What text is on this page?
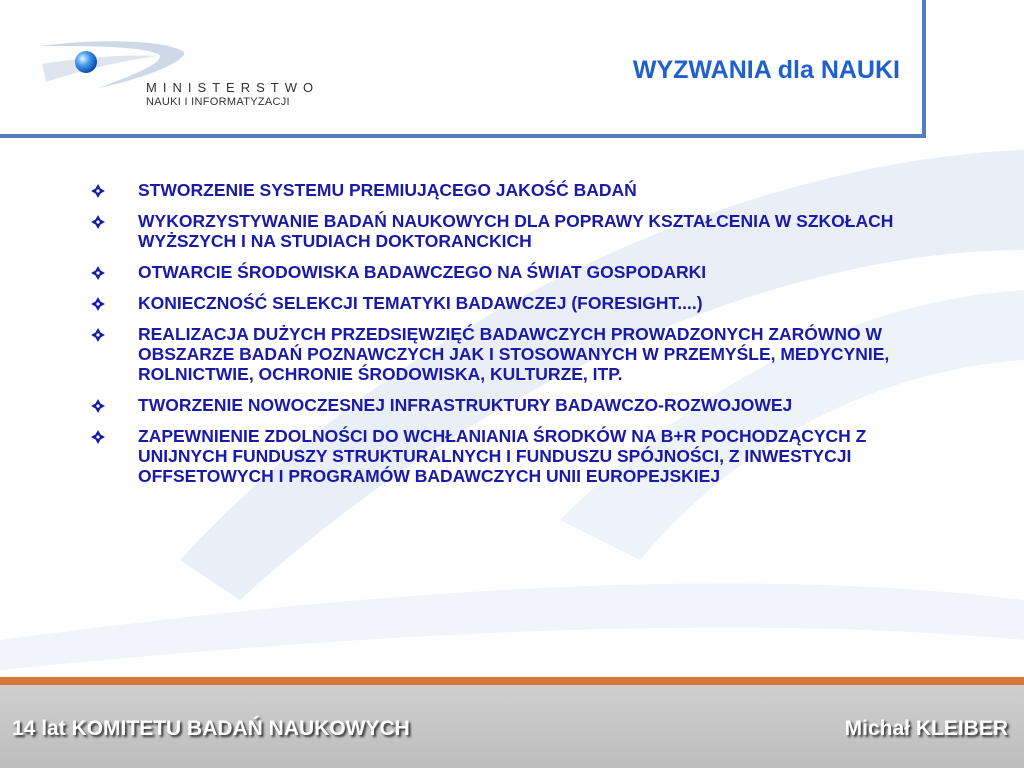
MINISTERSTWO
NAUKI I INFORMATYZACJI
WYZWANIA dla NAUKI
STWORZENIE SYSTEMU PREMIUJĄCEGO JAKOŚĆ BADAŃ
WYKORZYSTYWANIE BADAŃ NAUKOWYCH DLA POPRAWY KSZTAŁCENIA W SZKOŁACH WYŻSZYCH I NA STUDIACH DOKTORANCKICH
OTWARCIE ŚRODOWISKA BADAWCZEGO NA ŚWIAT GOSPODARKI
KONIECZNOŚĆ SELEKCJI TEMATYKI BADAWCZEJ (FORESIGHT....)
REALIZACJA DUŻYCH PRZEDSIĘWZIĘĆ BADAWCZYCH PROWADZONYCH ZARÓWNO W OBSZARZE BADAŃ POZNAWCZYCH JAK I STOSOWANYCH W PRZEMYŚLE, MEDYCYNIE, ROLNICTWIE, OCHRONIE ŚRODOWISKA, KULTURZE, ITP.
TWORZENIE NOWOCZESNEJ INFRASTRUKTURY BADAWCZO-ROZWOJOWEJ
ZAPEWNIENIE ZDOLNOŚCI DO WCHŁANIANIA ŚRODKÓW NA B+R POCHODZĄCYCH Z UNIJNYCH FUNDUSZY STRUKTURALNYCH I FUNDUSZU SPÓJNOŚCI, Z INWESTYCJI OFFSETOWYCH I PROGRAMÓW BADAWCZYCH UNII EUROPEJSKIEJ
14 lat KOMITETU BADAŃ NAUKOWYCH	Michał KLEIBER
